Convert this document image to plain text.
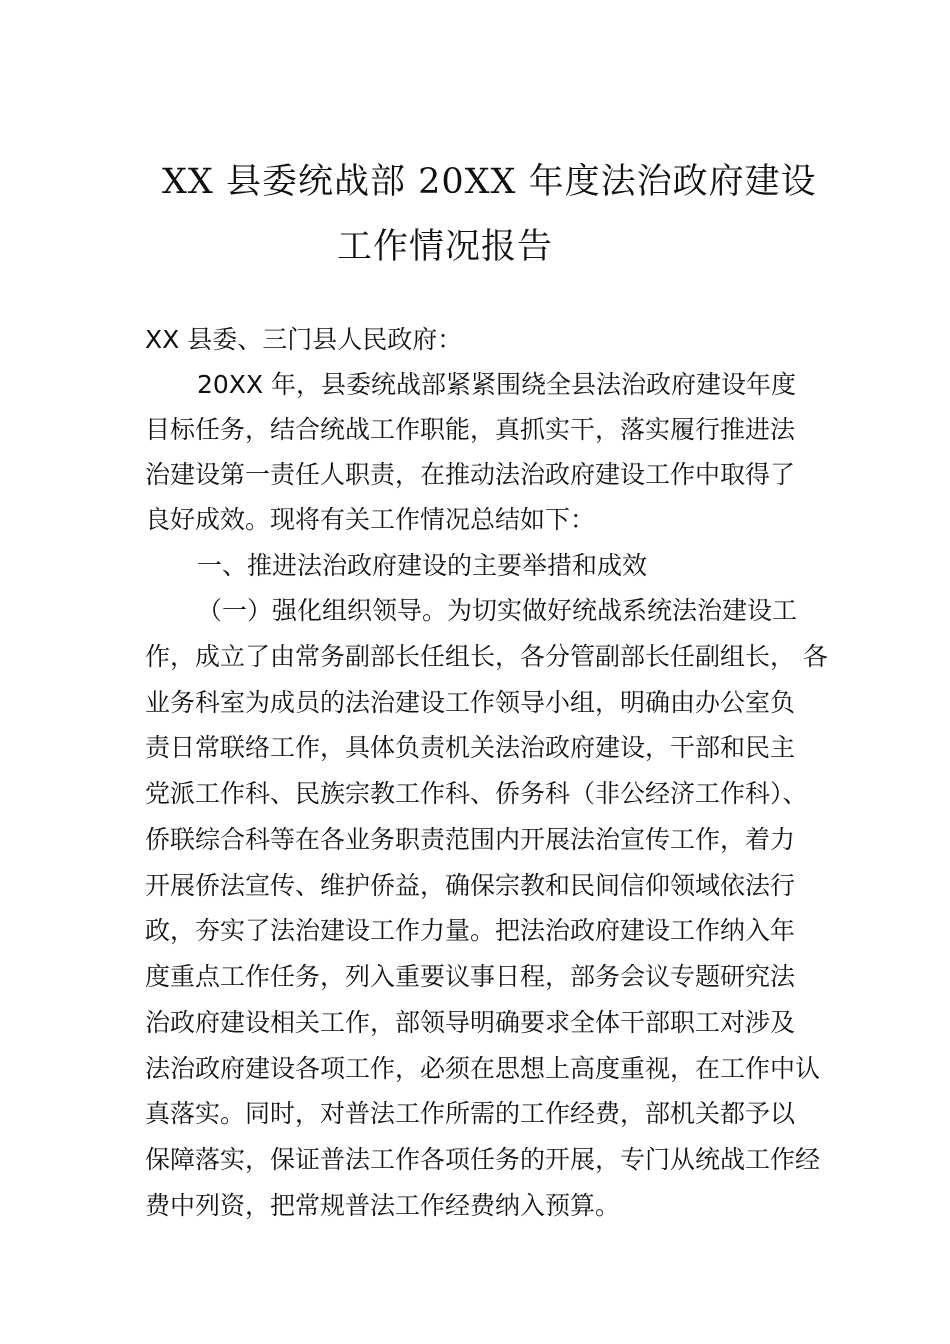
XX 县委统战部 20XX 年度法治政府建设
工作情况报告
XX 县委、三门县人民政府：
20XX 年，县委统战部紧紧围绕全县法治政府建设年度
目标任务，结合统战工作职能，真抓实干，落实履行推进法
治建设第一责任人职责，在推动法治政府建设工作中取得了
良好成效。现将有关工作情况总结如下：
一、推进法治政府建设的主要举措和成效
（一）强化组织领导。为切实做好统战系统法治建设工
作，成立了由常务副部长任组长，各分管副部长任副组长， 各
业务科室为成员的法治建设工作领导小组，明确由办公室负
责日常联络工作，具体负责机关法治政府建设，干部和民主
党派工作科、民族宗教工作科、侨务科（非公经济工作科）、
侨联综合科等在各业务职责范围内开展法治宣传工作，着力
开展侨法宣传、维护侨益，确保宗教和民间信仰领域依法行
政，夯实了法治建设工作力量。把法治政府建设工作纳入年
度重点工作任务，列入重要议事日程，部务会议专题研究法
治政府建设相关工作，部领导明确要求全体干部职工对涉及
法治政府建设各项工作，必须在思想上高度重视，在工作中认
真落实。同时，对普法工作所需的工作经费，部机关都予以
保障落实，保证普法工作各项任务的开展，专门从统战工作经
费中列资，把常规普法工作经费纳入预算。
